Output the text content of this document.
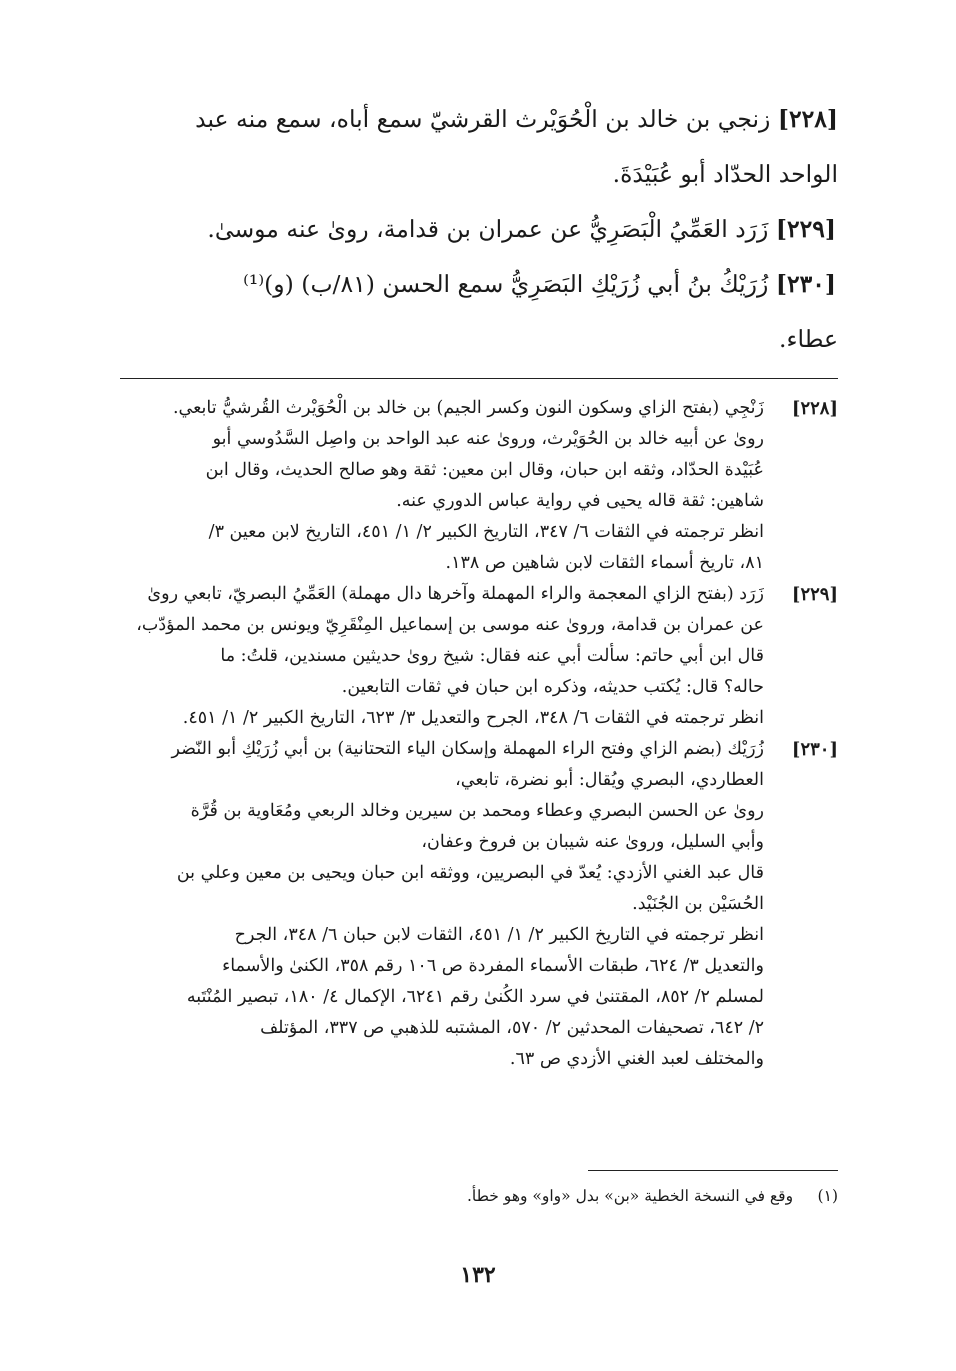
[٢٢٨] زنجي بن خالد بن الْحُوَيْرث القرشيّ سمع أباه، سمع منه عبد

الواحد الحدّاد أبو عُبَيْدَةَ.

[٢٢٩] زَرَد العَمِّيُ الْبَصَرِيُّ عن عمران بن قدامة، روىٰ عنه موسىٰ.

[٢٣٠] زُرَيْكُ بنُ أبي زُرَيْكِ البَصَرِيُّ سمع الحسن (٨١/ب) (و)⁽¹⁾

عطاء.

[٢٢٨]

زَنْجِي (بفتح الزاي وسكون النون وكسر الجيم) بن خالد بن الْحُوَيْرث القُرشيُّ تابعي.

روىٰ عن أبيه خالد بن الحُوَيْرث، وروىٰ عنه عبد الواحد بن واصِل السَّدُوسي أبو

عُبَيْدة الحدّاد، وثقه ابن حبان، وقال ابن معين: ثقة وهو صالح الحديث، وقال ابن

شاهين: ثقة قاله يحيى في رواية عباس الدوري عنه.

انظر ترجمته في الثقات ٦/ ٣٤٧، التاريخ الكبير ٢/ ١/ ٤٥١، التاريخ لابن معين ٣/

٨١، تاريخ أسماء الثقات لابن شاهين ص ١٣٨.

[٢٢٩]

زَرَد (بفتح الزاي المعجمة والراء المهملة وآخرها دال مهملة) العَمِّيُ البصريّ، تابعي روىٰ

عن عمران بن قدامة، وروىٰ عنه موسى بن إسماعيل المِنْقَرِيّ ويونس بن محمد المؤدّب،

قال ابن أبي حاتم: سألت أبي عنه فقال: شيخ روىٰ حديثين مسندين، قلتُ: ما

حاله؟ قال: يُكتب حديثه، وذكره ابن حبان في ثقات التابعين.

انظر ترجمته في الثقات ٦/ ٣٤٨، الجرح والتعديل ٣/ ٦٢٣، التاريخ الكبير ٢/ ١/ ٤٥١.

[٢٣٠]

زُرَيْك (بضم الزاي وفتح الراء المهملة وإسكان الياء التحتانية) بن أبي زُرَيْكِ أبو النّضر

العطاردي، البصري ويُقال: أبو نضرة، تابعي،

روىٰ عن الحسن البصري وعطاء ومحمد بن سيرين وخالد الربعي ومُعَاوية بن قُرَّة

وأبي السليل، وروىٰ عنه شيبان بن فروخ وعفان،

قال عبد الغني الأزدي: يُعدّ في البصريين، ووثقه ابن حبان ويحيى بن معين وعلي بن

الحُسَيْن بن الجُنَيْد.

انظر ترجمته في التاريخ الكبير ٢/ ١/ ٤٥١، الثقات لابن حبان ٦/ ٣٤٨، الجرح

والتعديل ٣/ ٦٢٤، طبقات الأسماء المفردة ص ١٠٦ رقم ٣٥٨، الكنىٰ والأسماء

لمسلم ٢/ ٨٥٢، المقتنىٰ في سرد الكُنىٰ رقم ٦٢٤١، الإكمال ٤/ ١٨٠، تبصير المُنْتَبه

٢/ ٦٤٢، تصحيفات المحدثين ٢/ ٥٧٠، المشتبه للذهبي ص ٣٣٧، المؤتلف

والمختلف لعبد الغني الأزدي ص ٦٣.

(١) وقع في النسخة الخطية «بن» بدل «واو» وهو خطأ.
١٣٢
